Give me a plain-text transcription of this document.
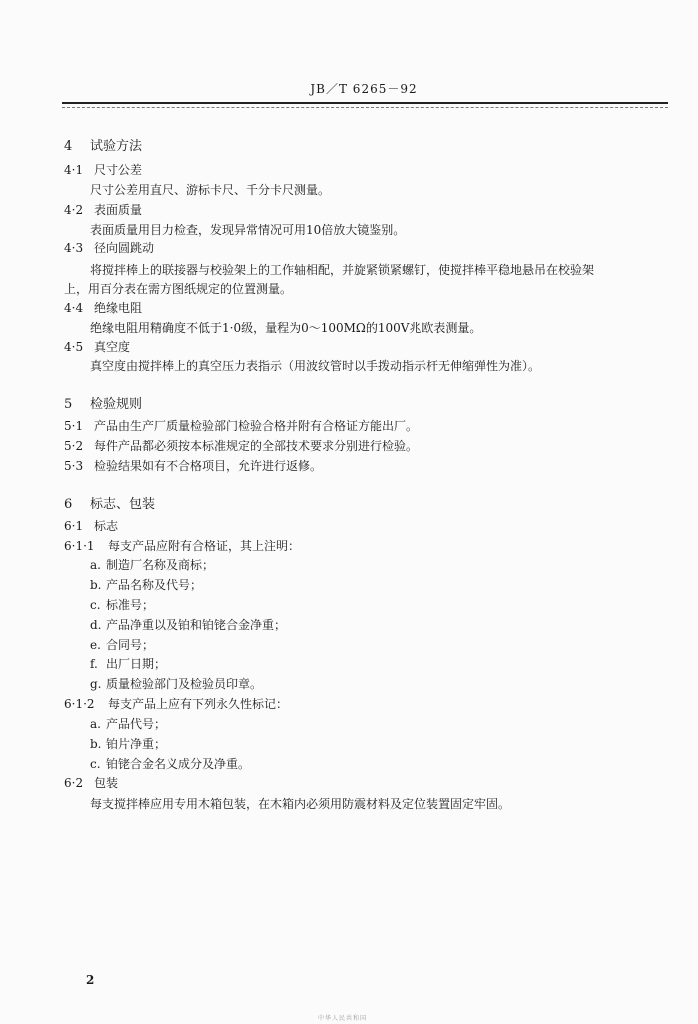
JB／T 6265－92
4 试验方法
4·1 尺寸公差
尺寸公差用直尺、游标卡尺、千分卡尺测量。
4·2 表面质量
表面质量用目力检查，发现异常情况可用10倍放大镜鉴别。
4·3 径向圆跳动
将搅拌棒上的联接器与校验架上的工作轴相配，并旋紧锁紧螺钉，使搅拌棒平稳地悬吊在校验架
上，用百分表在需方图纸规定的位置测量。
4·4 绝缘电阻
绝缘电阻用精确度不低于1·0级，量程为0～100MΩ的100V兆欧表测量。
4·5 真空度
真空度由搅拌棒上的真空压力表指示（用波纹管时以手拨动指示杆无伸缩弹性为准）。
5 检验规则
5·1 产品由生产厂质量检验部门检验合格并附有合格证方能出厂。
5·2 每件产品都必须按本标准规定的全部技术要求分别进行检验。
5·3 检验结果如有不合格项目，允许进行返修。
6 标志、包装
6·1 标志
6·1·1 每支产品应附有合格证，其上注明：
a. 制造厂名称及商标；
b. 产品名称及代号；
c. 标准号；
d. 产品净重以及铂和铂铑合金净重；
e. 合同号；
f. 出厂日期；
g. 质量检验部门及检验员印章。
6·1·2 每支产品上应有下列永久性标记：
a. 产品代号；
b. 铂片净重；
c. 铂铑合金名义成分及净重。
6·2 包装
每支搅拌棒应用专用木箱包装，在木箱内必须用防震材料及定位装置固定牢固。
2
中华人民共和国
